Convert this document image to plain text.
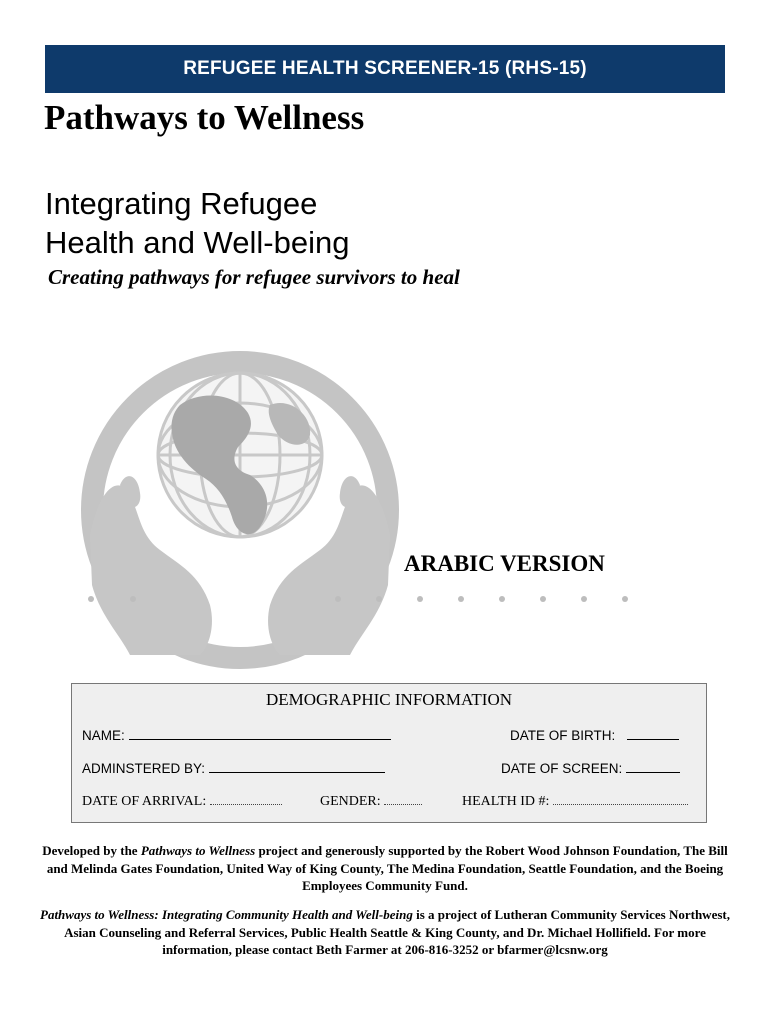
REFUGEE HEALTH SCREENER-15 (RHS-15)
Pathways to Wellness
Integrating Refugee
Health and Well-being
Creating pathways for refugee survivors to heal
ARABIC VERSION
DEMOGRAPHIC INFORMATION
NAME:	DATE OF BIRTH:
ADMINSTERED BY:	DATE OF SCREEN:
DATE OF ARRIVAL:	GENDER:	HEALTH ID #:
Developed by the Pathways to Wellness project and generously supported by the Robert Wood Johnson Foundation, The Bill and Melinda Gates Foundation, United Way of King County, The Medina Foundation, Seattle Foundation, and the Boeing Employees Community Fund.
Pathways to Wellness: Integrating Community Health and Well-being is a project of Lutheran Community Services Northwest, Asian Counseling and Referral Services, Public Health Seattle & King County, and Dr. Michael Hollifield. For more information, please contact Beth Farmer at 206-816-3252 or bfarmer@lcsnw.org
